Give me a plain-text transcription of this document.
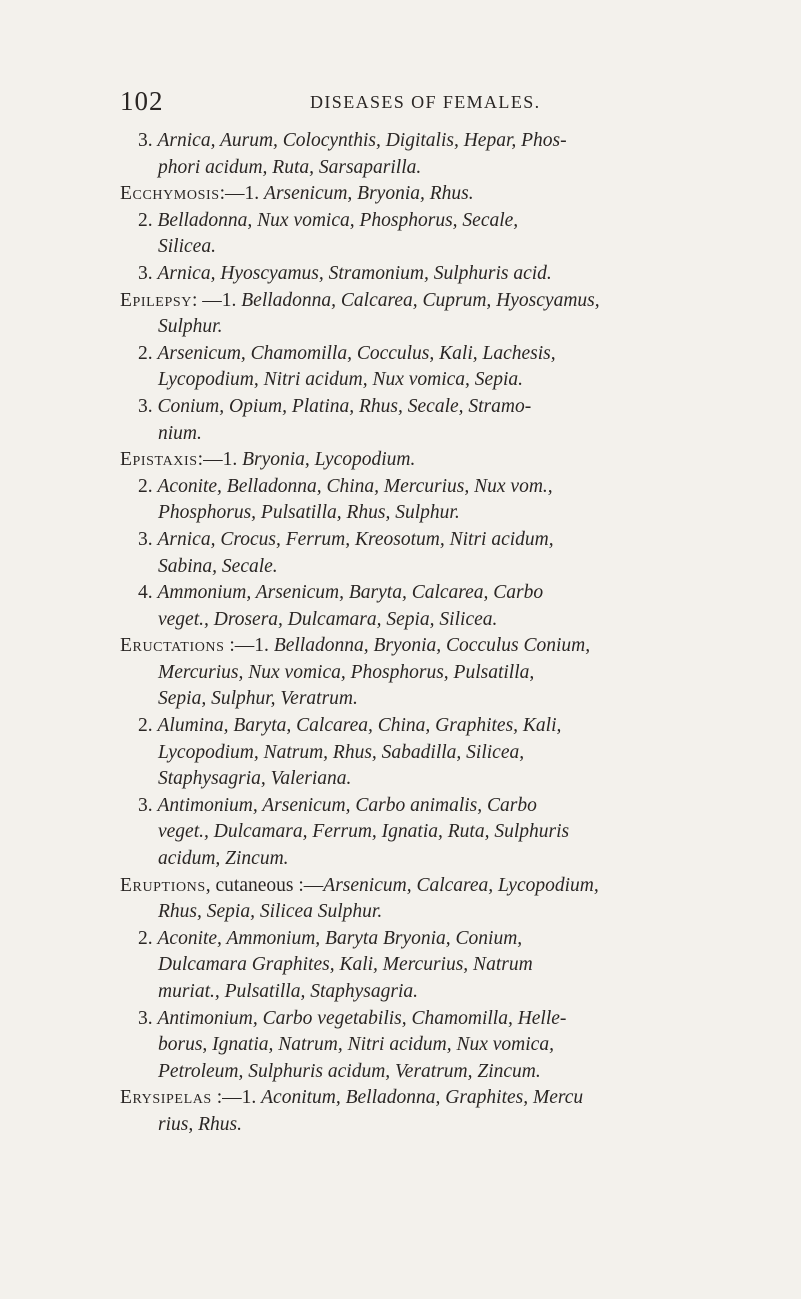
102	DISEASES OF FEMALES.
3. Arnica, Aurum, Colocynthis, Digitalis, Hepar, Phos-
phori acidum, Ruta, Sarsaparilla.
Ecchymosis:—1. Arsenicum, Bryonia, Rhus.
2. Belladonna, Nux vomica, Phosphorus, Secale,
Silicea.
3. Arnica, Hyoscyamus, Stramonium, Sulphuris acid.
Epilepsy: —1. Belladonna, Calcarea, Cuprum, Hyoscyamus,
Sulphur.
2. Arsenicum, Chamomilla, Cocculus, Kali, Lachesis,
Lycopodium, Nitri acidum, Nux vomica, Sepia.
3. Conium, Opium, Platina, Rhus, Secale, Stramo-
nium.
Epistaxis:—1. Bryonia, Lycopodium.
2. Aconite, Belladonna, China, Mercurius, Nux vom.,
Phosphorus, Pulsatilla, Rhus, Sulphur.
3. Arnica, Crocus, Ferrum, Kreosotum, Nitri acidum,
Sabina, Secale.
4. Ammonium, Arsenicum, Baryta, Calcarea, Carbo
veget., Drosera, Dulcamara, Sepia, Silicea.
Eructations :—1. Belladonna, Bryonia, Cocculus Conium,
Mercurius, Nux vomica, Phosphorus, Pulsatilla,
Sepia, Sulphur, Veratrum.
2. Alumina, Baryta, Calcarea, China, Graphites, Kali,
Lycopodium, Natrum, Rhus, Sabadilla, Silicea,
Staphysagria, Valeriana.
3. Antimonium, Arsenicum, Carbo animalis, Carbo
veget., Dulcamara, Ferrum, Ignatia, Ruta, Sulphuris
acidum, Zincum.
Eruptions, cutaneous :—Arsenicum, Calcarea, Lycopodium,
Rhus, Sepia, Silicea Sulphur.
2. Aconite, Ammonium, Baryta Bryonia, Conium,
Dulcamara Graphites, Kali, Mercurius, Natrum
muriat., Pulsatilla, Staphysagria.
3. Antimonium, Carbo vegetabilis, Chamomilla, Helle-
borus, Ignatia, Natrum, Nitri acidum, Nux vomica,
Petroleum, Sulphuris acidum, Veratrum, Zincum.
Erysipelas :—1. Aconitum, Belladonna, Graphites, Mercu
rius, Rhus.
